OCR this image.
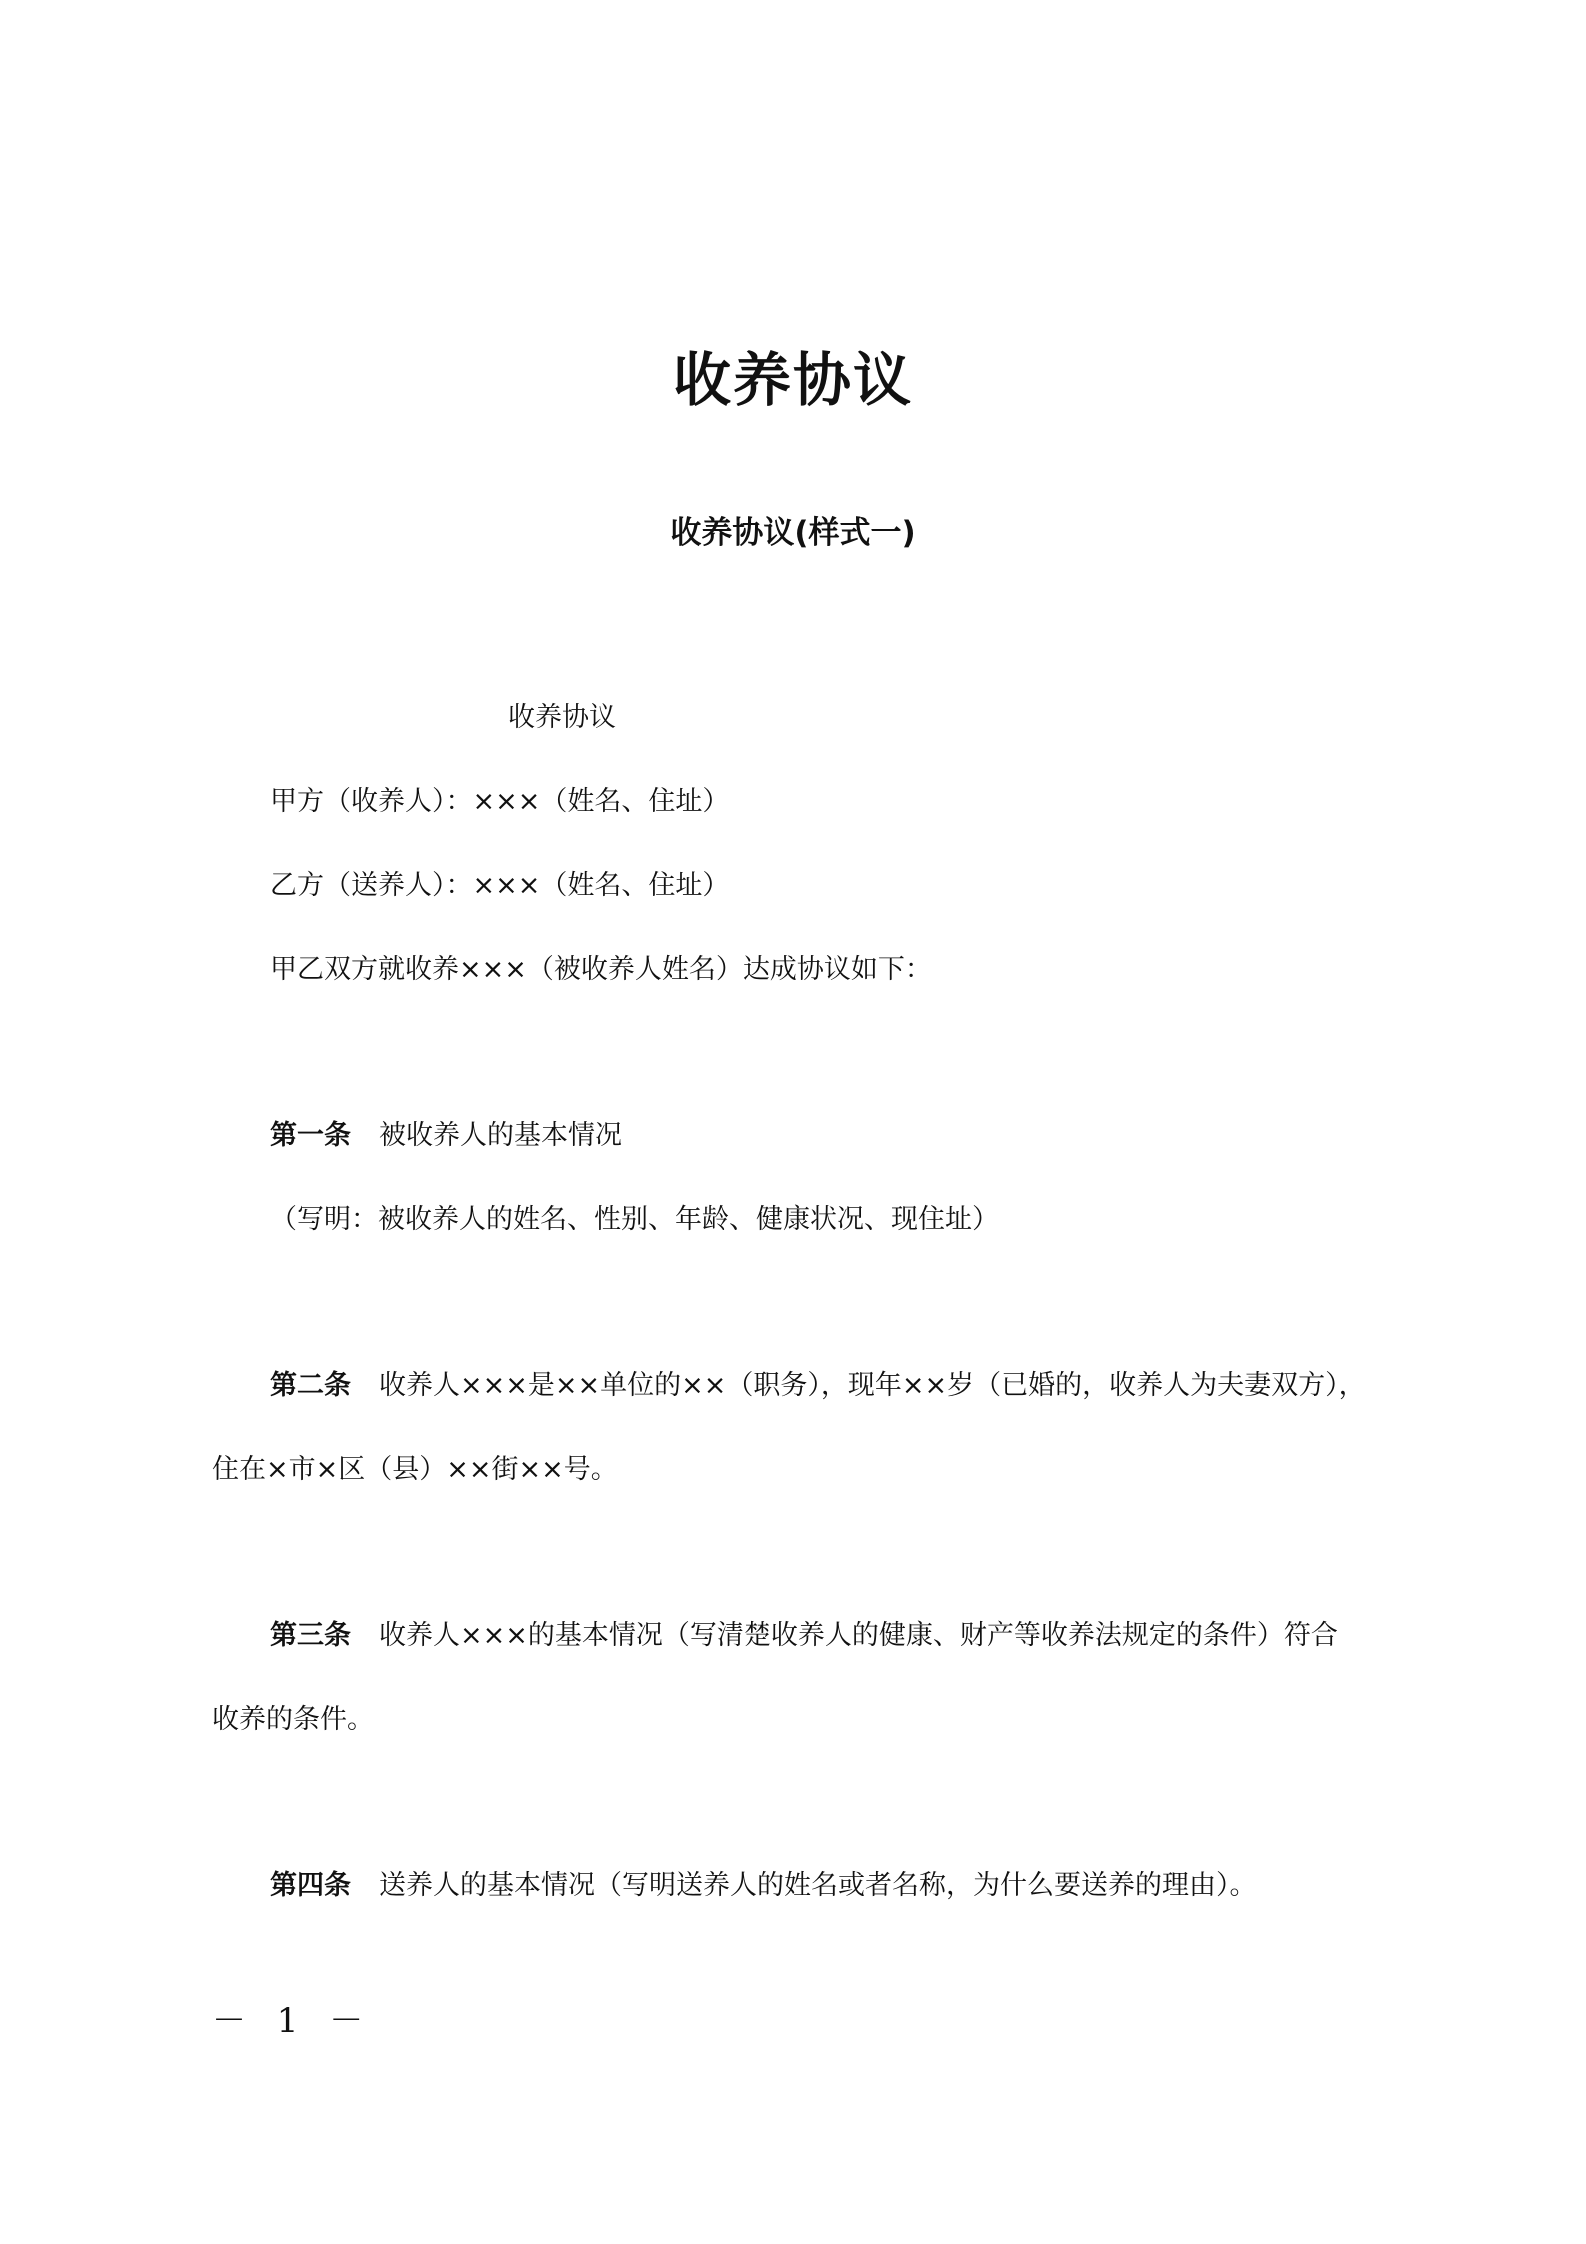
收养协议
收养协议(样式一)
收养协议
甲方（收养人）：×××（姓名、住址）
乙方（送养人）：×××（姓名、住址）
甲乙双方就收养×××（被收养人姓名）达成协议如下：
第一条 被收养人的基本情况
（写明：被收养人的姓名、性别、年龄、健康状况、现住址）
第二条 收养人×××是××单位的××（职务），现年××岁（已婚的，收养人为夫妻双方），
住在×市×区（县）××街××号。
第三条 收养人×××的基本情况（写清楚收养人的健康、财产等收养法规定的条件）符合
收养的条件。
第四条 送养人的基本情况（写明送养人的姓名或者名称，为什么要送养的理由）。
－ 1 －
